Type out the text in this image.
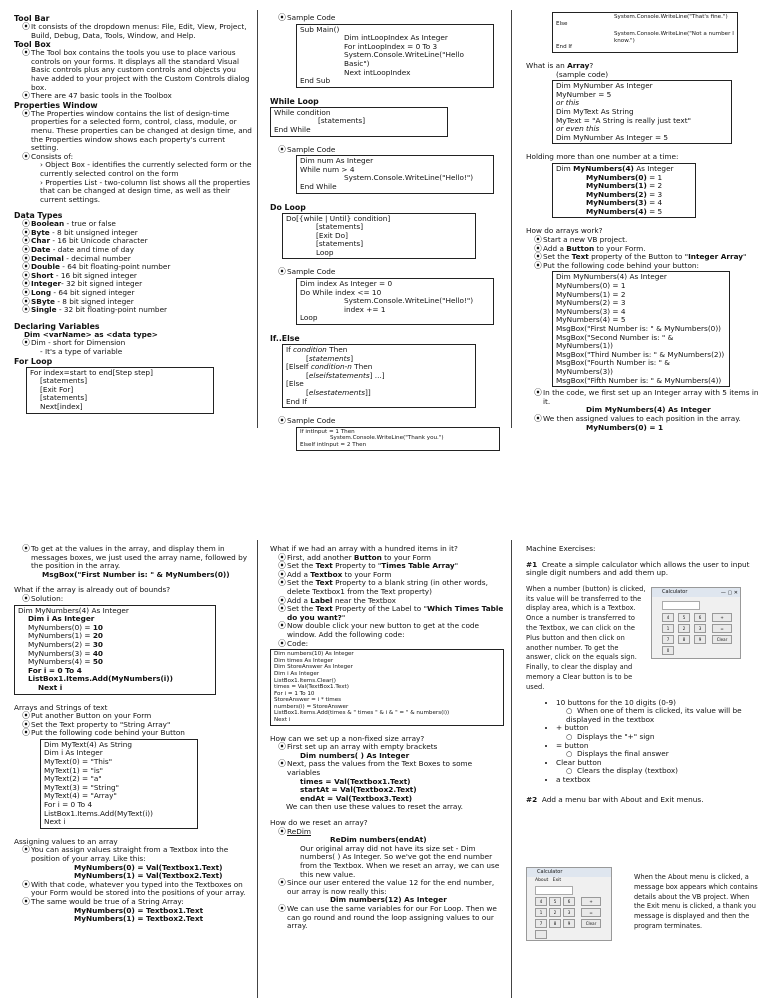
Tool Bar
⦿ It consists of the dropdown menus: File, Edit, View, Project, Build, Debug, Data, Tools, Window, and Help.
Tool Box
⦿ The Tool box contains the tools you use to place various controls on your forms. It displays all the standard Visual Basic controls plus any custom controls and objects you have added to your project with the Custom Controls dialog box.
⦿ There are 47 basic tools in the Toolbox
Properties Window
⦿ The Properties window contains the list of design-time properties for a selected form, control, class, module, or menu. These properties can be changed at design time, and the Properties window shows each property's current setting.
⦿ Consists of:
› Object Box - identifies the currently selected form or the currently selected control on the form
› Properties List - two-column list shows all the properties that can be changed at design time, as well as their current settings.
Data Types
⦿ Boolean - true or false
⦿ Byte - 8 bit unsigned integer
⦿ Char - 16 bit Unicode character
⦿ Date - date and time of day
⦿ Decimal - decimal number
⦿ Double - 64 bit floating-point number
⦿ Short - 16 bit signed integer
⦿ Integer- 32 bit signed integer
⦿ Long - 64 bit signed integer
⦿ SByte - 8 bit signed integer
⦿ Single - 32 bit floating-point number
Declaring Variables
Dim <varName> as <data type>
⦿ Dim - short for Dimension
- It's a type of variable
For Loop
For index=start to end[Step step]
[statements]
[Exit For]
[statements]
Next[index]
⦿ Sample Code
Sub Main()
Dim intLoopIndex As Integer
For intLoopIndex = 0 To 3
System.Console.WriteLine("Hello Basic")
Next intLoopIndex
End Sub
While Loop
While condition
[statements]
End While
⦿ Sample Code
Dim num As Integer
While num > 4
System.Console.WriteLine("Hello!")
End While
Do Loop
Do[{while | Until} condition]
[statements]
[Exit Do]
[statements]
Loop
⦿ Sample Code
Dim index As Integer = 0
Do While index <= 10
System.Console.WriteLine("Hello!")
index += 1
Loop
If..Else
If condition Then
[statements]
[ElseIf condition-n Then
[elseifstatements] ...]
[Else
[elsestatements]]
End If
⦿ Sample Code
If intInput = 1 Then
System.Console.WriteLine("Thank you.")
ElseIf intInput = 2 Then
System.Console.WriteLine("That's fine.")
Else
System.Console.WriteLine("Not a number I know.")
End If
What is an Array?
(sample code)
Dim MyNumber As Integer
MyNumber = 5
or this
Dim MyText As String
MyText = "A String is really just text"
or even this
Dim MyNumber As Integer = 5
Holding more than one number at a time:
Dim MyNumbers(4) As Integer
MyNumbers(0) = 1
MyNumbers(1) = 2
MyNumbers(2) = 3
MyNumbers(3) = 4
MyNumbers(4) = 5
How do arrays work?
⦿ Start a new VB project.
⦿ Add a Button to your Form.
⦿ Set the Text property of the Button to "Integer Array"
⦿ Put the following code behind your button:
Dim MyNumbers(4) As Integer
MyNumbers(0) = 1
MyNumbers(1) = 2
MyNumbers(2) = 3
MyNumbers(3) = 4
MyNumbers(4) = 5
MsgBox("First Number is: " & MyNumbers(0))
MsgBox("Second Number is: " & MyNumbers(1))
MsgBox("Third Number is: " & MyNumbers(2))
MsgBox("Fourth Number is: " & MyNumbers(3))
MsgBox("Fifth Number is: " & MyNumbers(4))
⦿ In the code, we first set up an Integer array with 5 items in it.
Dim MyNumbers(4) As Integer
⦿ We then assigned values to each position in the array.
MyNumbers(0) = 1
⦿ To get at the values in the array, and display them in messages boxes, we just used the array name, followed by the position in the array.
MsgBox("First Number is: " & MyNumbers(0))
What if the array is already out of bounds?
⦿ Solution:
Dim MyNumbers(4) As Integer
Dim i As Integer
MyNumbers(0) = 10
MyNumbers(1) = 20
MyNumbers(2) = 30
MyNumbers(3) = 40
MyNumbers(4) = 50
For i = 0 To 4
ListBox1.Items.Add(MyNumbers(i))
Next i
Arrays and Strings of text
⦿ Put another Button on your Form
⦿ Set the Text property to "String Array"
⦿ Put the following code behind your Button
Dim MyText(4) As String
Dim i As Integer
MyText(0) = "This"
MyText(1) = "is"
MyText(2) = "a"
MyText(3) = "String"
MyText(4) = "Array"
For i = 0 To 4
ListBox1.Items.Add(MyText(i))
Next i
Assigning values to an array
⦿ You can assign values straight from a Textbox into the position of your array. Like this:
MyNumbers(0) = Val(Textbox1.Text)
MyNumbers(1) = Val(Textbox2.Text)
⦿ With that code, whatever you typed into the Textboxes on your Form would be stored into the positions of your array.
⦿ The same would be true of a String Array:
MyNumbers(0) = Textbox1.Text
MyNumbers(1) = Textbox2.Text
What if we had an array with a hundred items in it?
⦿ First, add another Button to your Form
⦿ Set the Text Property to "Times Table Array"
⦿ Add a Textbox to your Form
⦿ Set the Text Property to a blank string (in other words, delete Textbox1 from the Text property)
⦿ Add a Label near the Textbox
⦿ Set the Text Property of the Label to "Which Times Table do you want?"
⦿ Now double click your new button to get at the code window. Add the following code:
⦿ Code:
Dim numbers(10) As Integer
Dim times As Integer
Dim StoreAnswer As Integer
Dim i As Integer
ListBox1.Items.Clear()
times = Val(TextBox1.Text)
For i = 1 To 10
StoreAnswer = i * times
numbers(i) = StoreAnswer
ListBox1.Items.Add(times & " times " & i & " = " & numbers(i))
Next i
How can we set up a non-fixed size array?
⦿ First set up an array with empty brackets
Dim numbers( ) As Integer
⦿ Next, pass the values from the Text Boxes to some variables
times = Val(Textbox1.Text)
startAt = Val(Textbox2.Text)
endAt = Val(Textbox3.Text)
We can then use these values to reset the array.
How do we reset an array?
⦿ ReDim
ReDim numbers(endAt)
Our original array did not have its size set - Dim numbers( ) As Integer. So we've got the end number from the Textbox. When we reset an array, we can use this new value.
⦿ Since our user entered the value 12 for the end number, our array is now really this:
Dim numbers(12) As Integer
⦿ We can use the same variables for our For Loop. Then we can go round and round the loop assigning values to our array.
Machine Exercises:
#1 Create a simple calculator which allows the user to input single digit numbers and add them up.
When a number (button) is clicked, its value will be transferred to the display area, which is a Textbox. Once a number is transferred to the Textbox, we can click on the Plus button and then click on another number. To get the answer, click on the equals sign. Finally, to clear the display and memory a Clear button is to be used.
Calculator	— ▢ ✕
4	5	6	+
1	2	3	=
7	8	9	Clear
0
• 10 buttons for the 10 digits (0-9)
○  When one of them is clicked, its value will be displayed in the textbox
• + button
○  Displays the "+" sign
• = button
○  Displays the final answer
• Clear button
○  Clears the display (textbox)
• a textbox
#2 Add a menu bar with About and Exit menus.
Calculator
About Exit
4	5	6	+
1	2	3	=
7	8	9	Clear
When the About menu is clicked, a message box appears which contains details about the VB project. When the Exit menu is clicked, a thank you message is displayed and then the program terminates.
